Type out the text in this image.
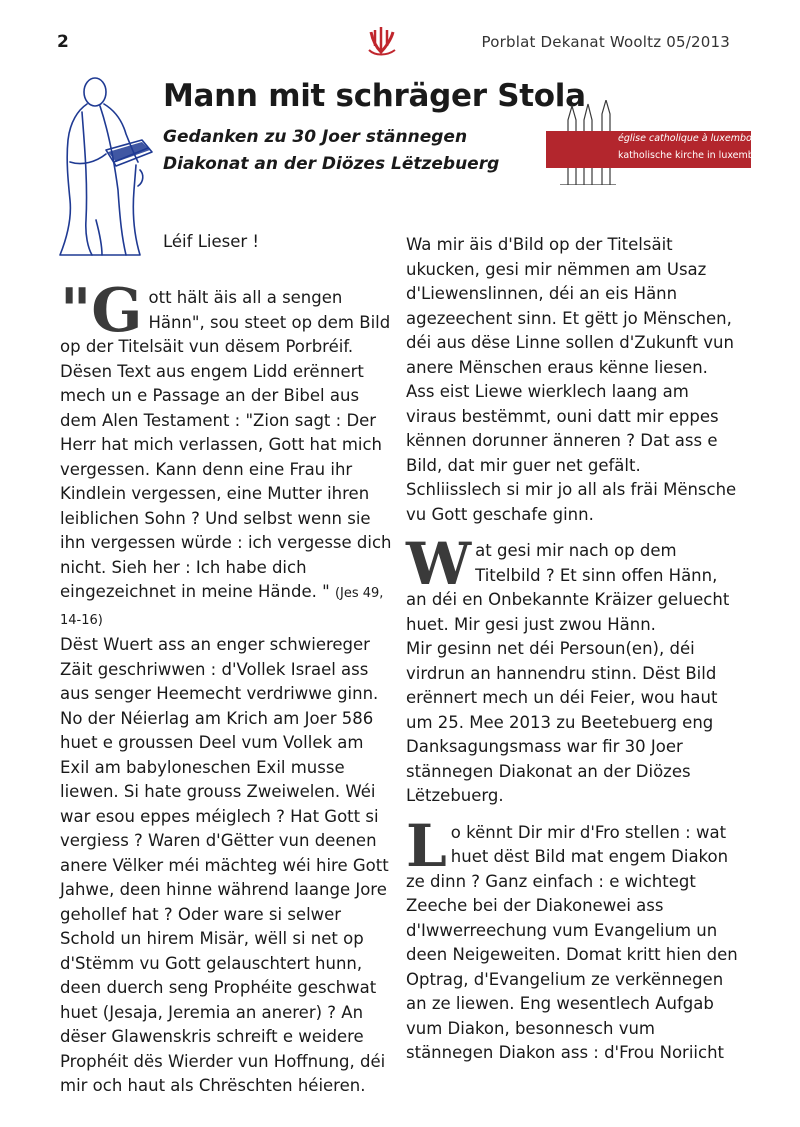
2	Porblat Dekanat Wooltz 05/2013
Mann mit schräger Stola
Gedanken zu 30 Joer stännegen
Diakonat an der Diözes Lëtzebuerg
église catholique à luxembourg
katholische kirche in luxemburg
Léif Lieser !

"Gott hält äis all a sengen Hänn", sou steet op dem Bild op der Titelsäit vun dësem Porbréif. Dësen Text aus engem Lidd erënnert mech un e Passage an der Bibel aus dem Alen Testament : "Zion sagt : Der Herr hat mich verlassen, Gott hat mich vergessen. Kann denn eine Frau ihr Kindlein vergessen, eine Mutter ihren leiblichen Sohn ? Und selbst wenn sie ihn vergessen würde : ich vergesse dich nicht. Sieh her : Ich habe dich eingezeichnet in meine Hände. " (Jes 49, 14-16)

Dëst Wuert ass an enger schwiereger Zäit geschriwwen : d'Vollek Israel ass aus senger Heemecht verdriwwe ginn. No der Néierlag am Krich am Joer 586 huet e groussen Deel vum Vollek am Exil am babyloneschen Exil musse liewen. Si hate grouss Zweiwelen. Wéi war esou eppes méiglech ? Hat Gott si vergiess ? Waren d'Gëtter vun deenen anere Vëlker méi mächteg wéi hire Gott Jahwe, deen hinne während laange Jore gehollef hat ? Oder ware si selwer Schold un hirem Misär, wëll si net op d'Stëmm vu Gott gelauschtert hunn, deen duerch seng Prophéite geschwat huet (Jesaja, Jeremia an anerer) ? An dëser Glawenskris schreift e weidere Prophéit dës Wierder vun Hoffnung, déi mir och haut als Chrëschten héieren.

Wa mir äis d'Bild op der Titelsäit ukucken, gesi mir nëmmen am Usaz d'Liewenslinnen, déi an eis Hänn agezeechent sinn. Et gëtt jo Mënschen, déi aus dëse Linne sollen d'Zukunft vun anere Mënschen eraus kënne liesen. Ass eist Liewe wierklech laang am viraus bestëmmt, ouni datt mir eppes kënnen dorunner änneren ? Dat ass e Bild, dat mir guer net gefält. Schliisslech si mir jo all als fräi Mënsche vu Gott geschafe ginn.

Wat gesi mir nach op dem Titelbild ? Et sinn offen Hänn, an déi en Onbekannte Kräizer geluecht huet. Mir gesi just zwou Hänn.

Mir gesinn net déi Persoun(en), déi virdrun an hannendru stinn. Dëst Bild erënnert mech un déi Feier, wou haut um 25. Mee 2013 zu Beetebuerg eng Danksagungsmass war fir 30 Joer stännegen Diakonat an der Diözes Lëtzebuerg.

Lo kënnt Dir mir d'Fro stellen : wat huet dëst Bild mat engem Diakon ze dinn ? Ganz einfach : e wichtegt Zeeche bei der Diakonewei ass d'Iwwerreechung vum Evangelium un deen Neigeweiten. Domat kritt hien den Optrag, d'Evangelium ze verkënnegen an ze liewen. Eng wesentlech Aufgab vum Diakon, besonnesch vum stännegen Diakon ass : d'Frou Noriicht
